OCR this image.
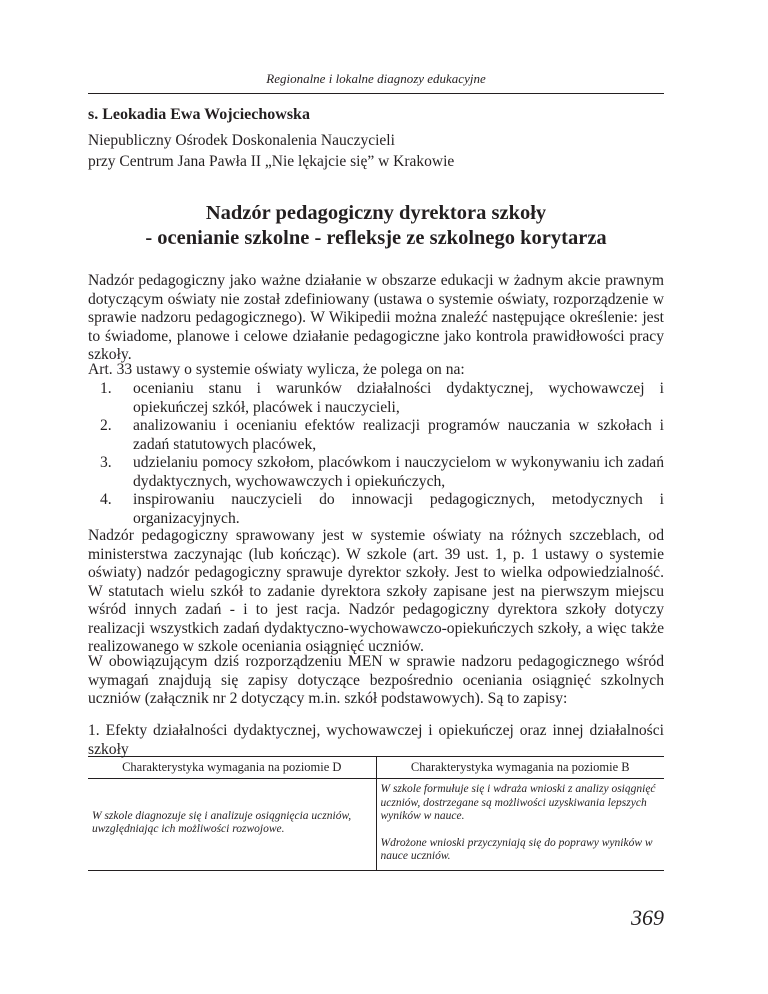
Regionalne i lokalne diagnozy edukacyjne
s. Leokadia Ewa Wojciechowska
Niepubliczny Ośrodek Doskonalenia Nauczycieli
przy Centrum Jana Pawła II „Nie lękajcie się” w Krakowie
Nadzór pedagogiczny dyrektora szkoły
- ocenianie szkolne - refleksje ze szkolnego korytarza

Nadzór pedagogiczny jako ważne działanie w obszarze edukacji w żadnym akcie prawnym dotyczącym oświaty nie został zdefiniowany (ustawa o systemie oświaty, rozporządzenie w sprawie nadzoru pedagogicznego). W Wikipedii można znaleźć następujące określenie: jest to świadome, planowe i celowe działanie pedagogiczne jako kontrola prawidłowości pracy szkoły.

Art. 33 ustawy o systemie oświaty wylicza, że polega on na:

1. ocenianiu stanu i warunków działalności dydaktycznej, wychowawczej i opiekuńczej szkół, placówek i nauczycieli,
2. analizowaniu i ocenianiu efektów realizacji programów nauczania w szkołach i zadań statutowych placówek,
3. udzielaniu pomocy szkołom, placówkom i nauczycielom w wykonywaniu ich zadań dydaktycznych, wychowawczych i opiekuńczych,
4. inspirowaniu nauczycieli do innowacji pedagogicznych, metodycznych i organizacyjnych.

Nadzór pedagogiczny sprawowany jest w systemie oświaty na różnych szczeblach, od ministerstwa zaczynając (lub kończąc). W szkole (art. 39 ust. 1, p. 1 ustawy o systemie oświaty) nadzór pedagogiczny sprawuje dyrektor szkoły. Jest to wielka odpowiedzialność. W statutach wielu szkół to zadanie dyrektora szkoły zapisane jest na pierwszym miejscu wśród innych zadań - i to jest racja. Nadzór pedagogiczny dyrektora szkoły dotyczy realizacji wszystkich zadań dydaktyczno-wychowawczo-opiekuńczych szkoły, a więc także realizowanego w szkole oceniania osiągnięć uczniów.

W obowiązującym dziś rozporządzeniu MEN w sprawie nadzoru pedagogicznego wśród wymagań znajdują się zapisy dotyczące bezpośrednio oceniania osiągnięć szkolnych uczniów (załącznik nr 2 dotyczący m.in. szkół podstawowych). Są to zapisy:

1. Efekty działalności dydaktycznej, wychowawczej i opiekuńczej oraz innej działalności szkoły

Charakterystyka wymagania na poziomie D	Charakterystyka wymagania na poziomie B

W szkole diagnozuje się i analizuje osiągnięcia uczniów, uwzględniając ich możliwości rozwojowe.	W szkole formułuje się i wdraża wnioski z analizy osiągnięć uczniów, dostrzegane są możliwości uzyskiwania lepszych wyników w nauce.

Wdrożone wnioski przyczyniają się do poprawy wyników w nauce uczniów.

369
